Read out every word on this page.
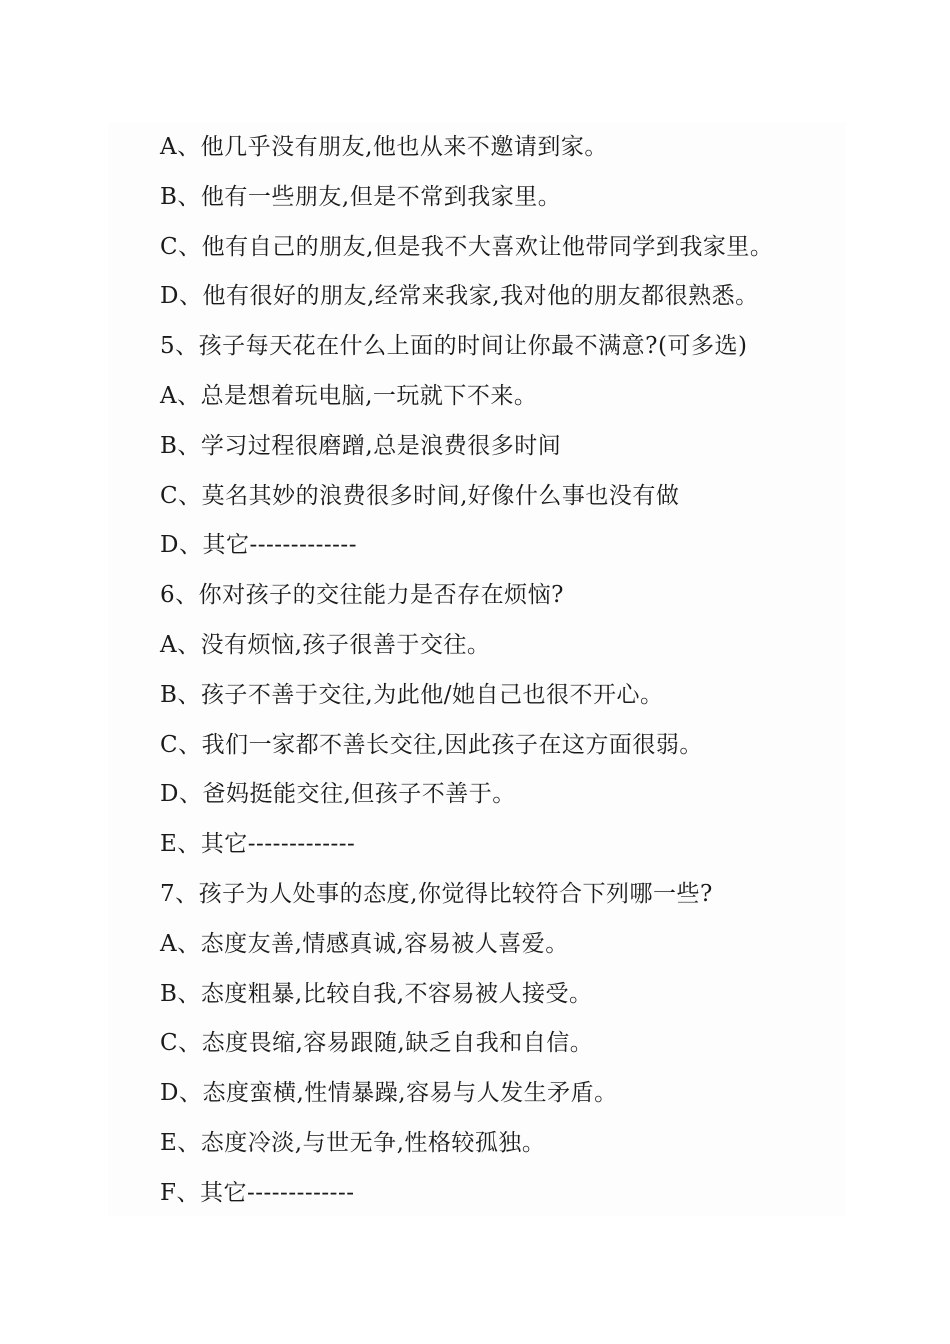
A、他几乎没有朋友,他也从来不邀请到家。
B、他有一些朋友,但是不常到我家里。
C、他有自己的朋友,但是我不大喜欢让他带同学到我家里。
D、他有很好的朋友,经常来我家,我对他的朋友都很熟悉。
5、孩子每天花在什么上面的时间让你最不满意?(可多选)
A、总是想着玩电脑,一玩就下不来。
B、学习过程很磨蹭,总是浪费很多时间
C、莫名其妙的浪费很多时间,好像什么事也没有做
D、其它-------------
6、你对孩子的交往能力是否存在烦恼?
A、没有烦恼,孩子很善于交往。
B、孩子不善于交往,为此他/她自己也很不开心。
C、我们一家都不善长交往,因此孩子在这方面很弱。
D、爸妈挺能交往,但孩子不善于。
E、其它-------------
7、孩子为人处事的态度,你觉得比较符合下列哪一些?
A、态度友善,情感真诚,容易被人喜爱。
B、态度粗暴,比较自我,不容易被人接受。
C、态度畏缩,容易跟随,缺乏自我和自信。
D、态度蛮横,性情暴躁,容易与人发生矛盾。
E、态度冷淡,与世无争,性格较孤独。
F、其它-------------
